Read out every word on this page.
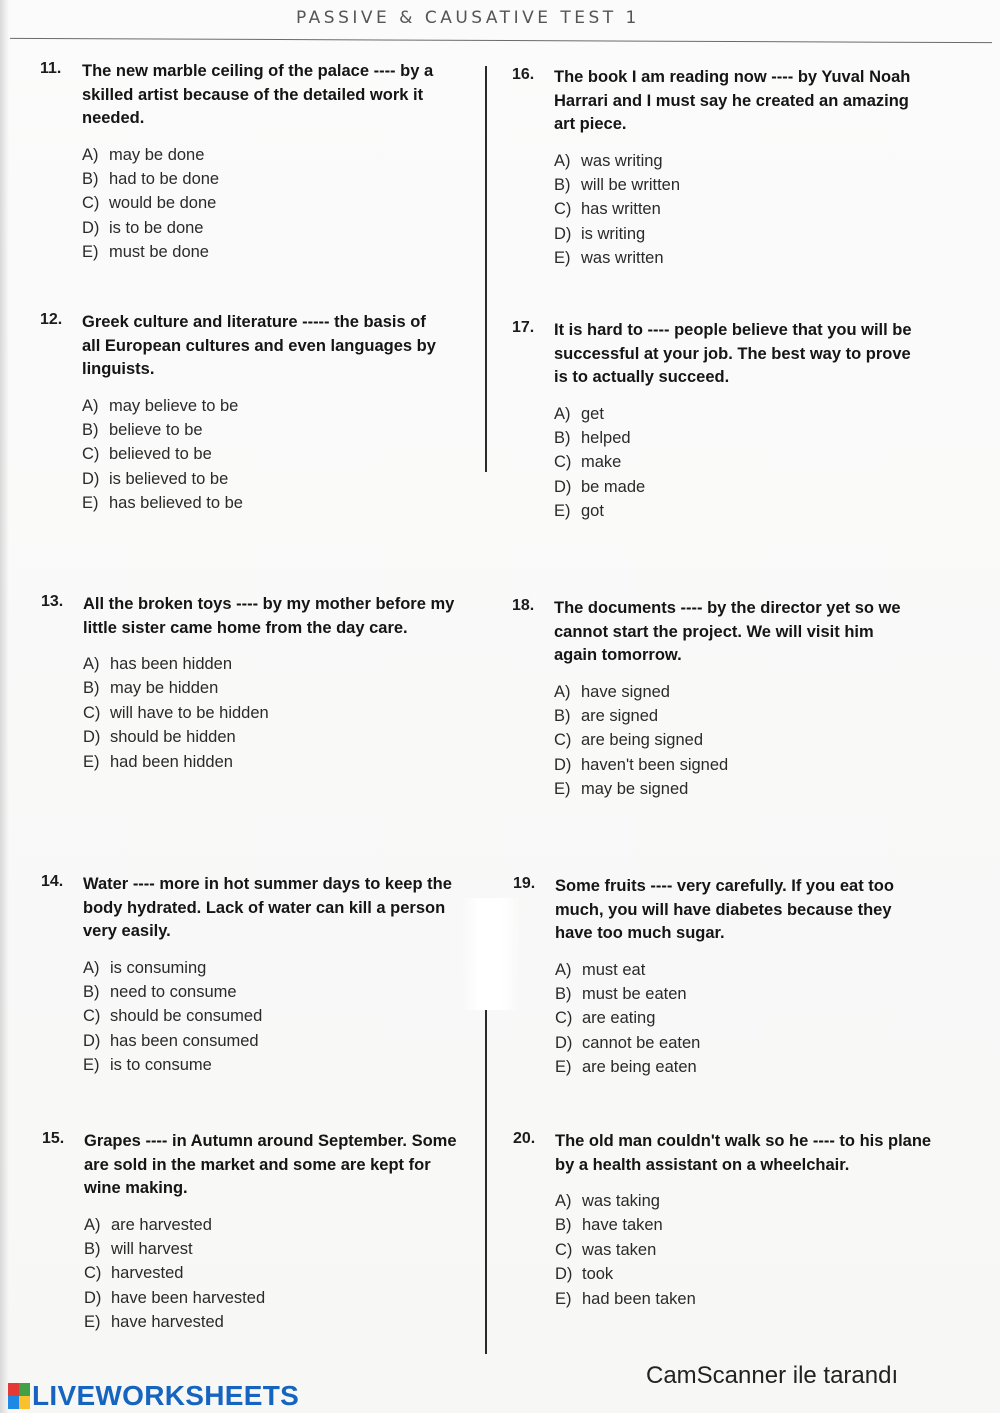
PASSIVE & CAUSATIVE TEST 1
11. The new marble ceiling of the palace ---- by a skilled artist because of the detailed work it needed.
A) may be done
B) had to be done
C) would be done
D) is to be done
E) must be done
12. Greek culture and literature ----- the basis of all European cultures and even languages by linguists.
A) may believe to be
B) believe to be
C) believed to be
D) is believed to be
E) has believed to be
13. All the broken toys ---- by my mother before my little sister came home from the day care.
A) has been hidden
B) may be hidden
C) will have to be hidden
D) should be hidden
E) had been hidden
14. Water ---- more in hot summer days to keep the body hydrated. Lack of water can kill a person very easily.
A) is consuming
B) need to consume
C) should be consumed
D) has been consumed
E) is to consume
15. Grapes ---- in Autumn around September. Some are sold in the market and some are kept for wine making.
A) are harvested
B) will harvest
C) harvested
D) have been harvested
E) have harvested
16. The book I am reading now ---- by Yuval Noah Harrari and I must say he created an amazing art piece.
A) was writing
B) will be written
C) has written
D) is writing
E) was written
17. It is hard to ---- people believe that you will be successful at your job. The best way to prove is to actually succeed.
A) get
B) helped
C) make
D) be made
E) got
18. The documents ---- by the director yet so we cannot start the project. We will visit him again tomorrow.
A) have signed
B) are signed
C) are being signed
D) haven't been signed
E) may be signed
19. Some fruits ---- very carefully. If you eat too much, you will have diabetes because they have too much sugar.
A) must eat
B) must be eaten
C) are eating
D) cannot be eaten
E) are being eaten
20. The old man couldn't walk so he ---- to his plane by a health assistant on a wheelchair.
A) was taking
B) have taken
C) was taken
D) took
E) had been taken
CamScanner ile tarandı
LIVEWORKSHEETS
